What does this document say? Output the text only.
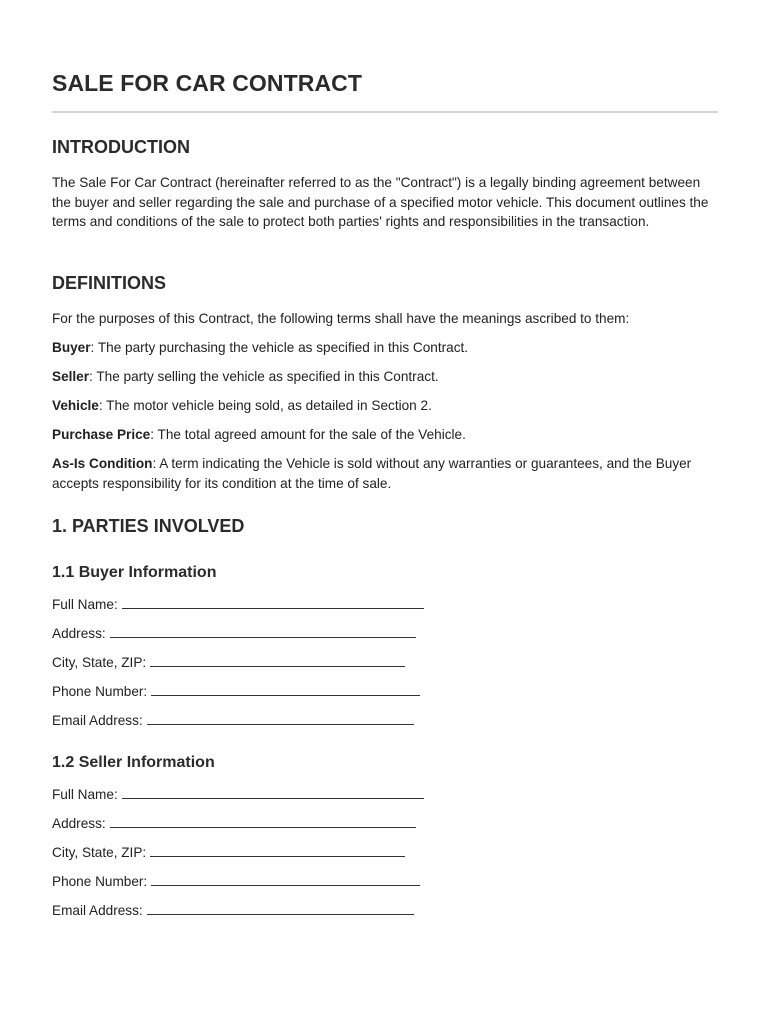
SALE FOR CAR CONTRACT
INTRODUCTION

The Sale For Car Contract (hereinafter referred to as the "Contract") is a legally binding agreement between the buyer and seller regarding the sale and purchase of a specified motor vehicle. This document outlines the terms and conditions of the sale to protect both parties' rights and responsibilities in the transaction.

DEFINITIONS

For the purposes of this Contract, the following terms shall have the meanings ascribed to them:

Buyer: The party purchasing the vehicle as specified in this Contract.

Seller: The party selling the vehicle as specified in this Contract.

Vehicle: The motor vehicle being sold, as detailed in Section 2.

Purchase Price: The total agreed amount for the sale of the Vehicle.

As-Is Condition: A term indicating the Vehicle is sold without any warranties or guarantees, and the Buyer accepts responsibility for its condition at the time of sale.

1. PARTIES INVOLVED
1.1 Buyer Information
Full Name:
Address:
City, State, ZIP:
Phone Number:
Email Address:
1.2 Seller Information
Full Name:
Address:
City, State, ZIP:
Phone Number:
Email Address:
